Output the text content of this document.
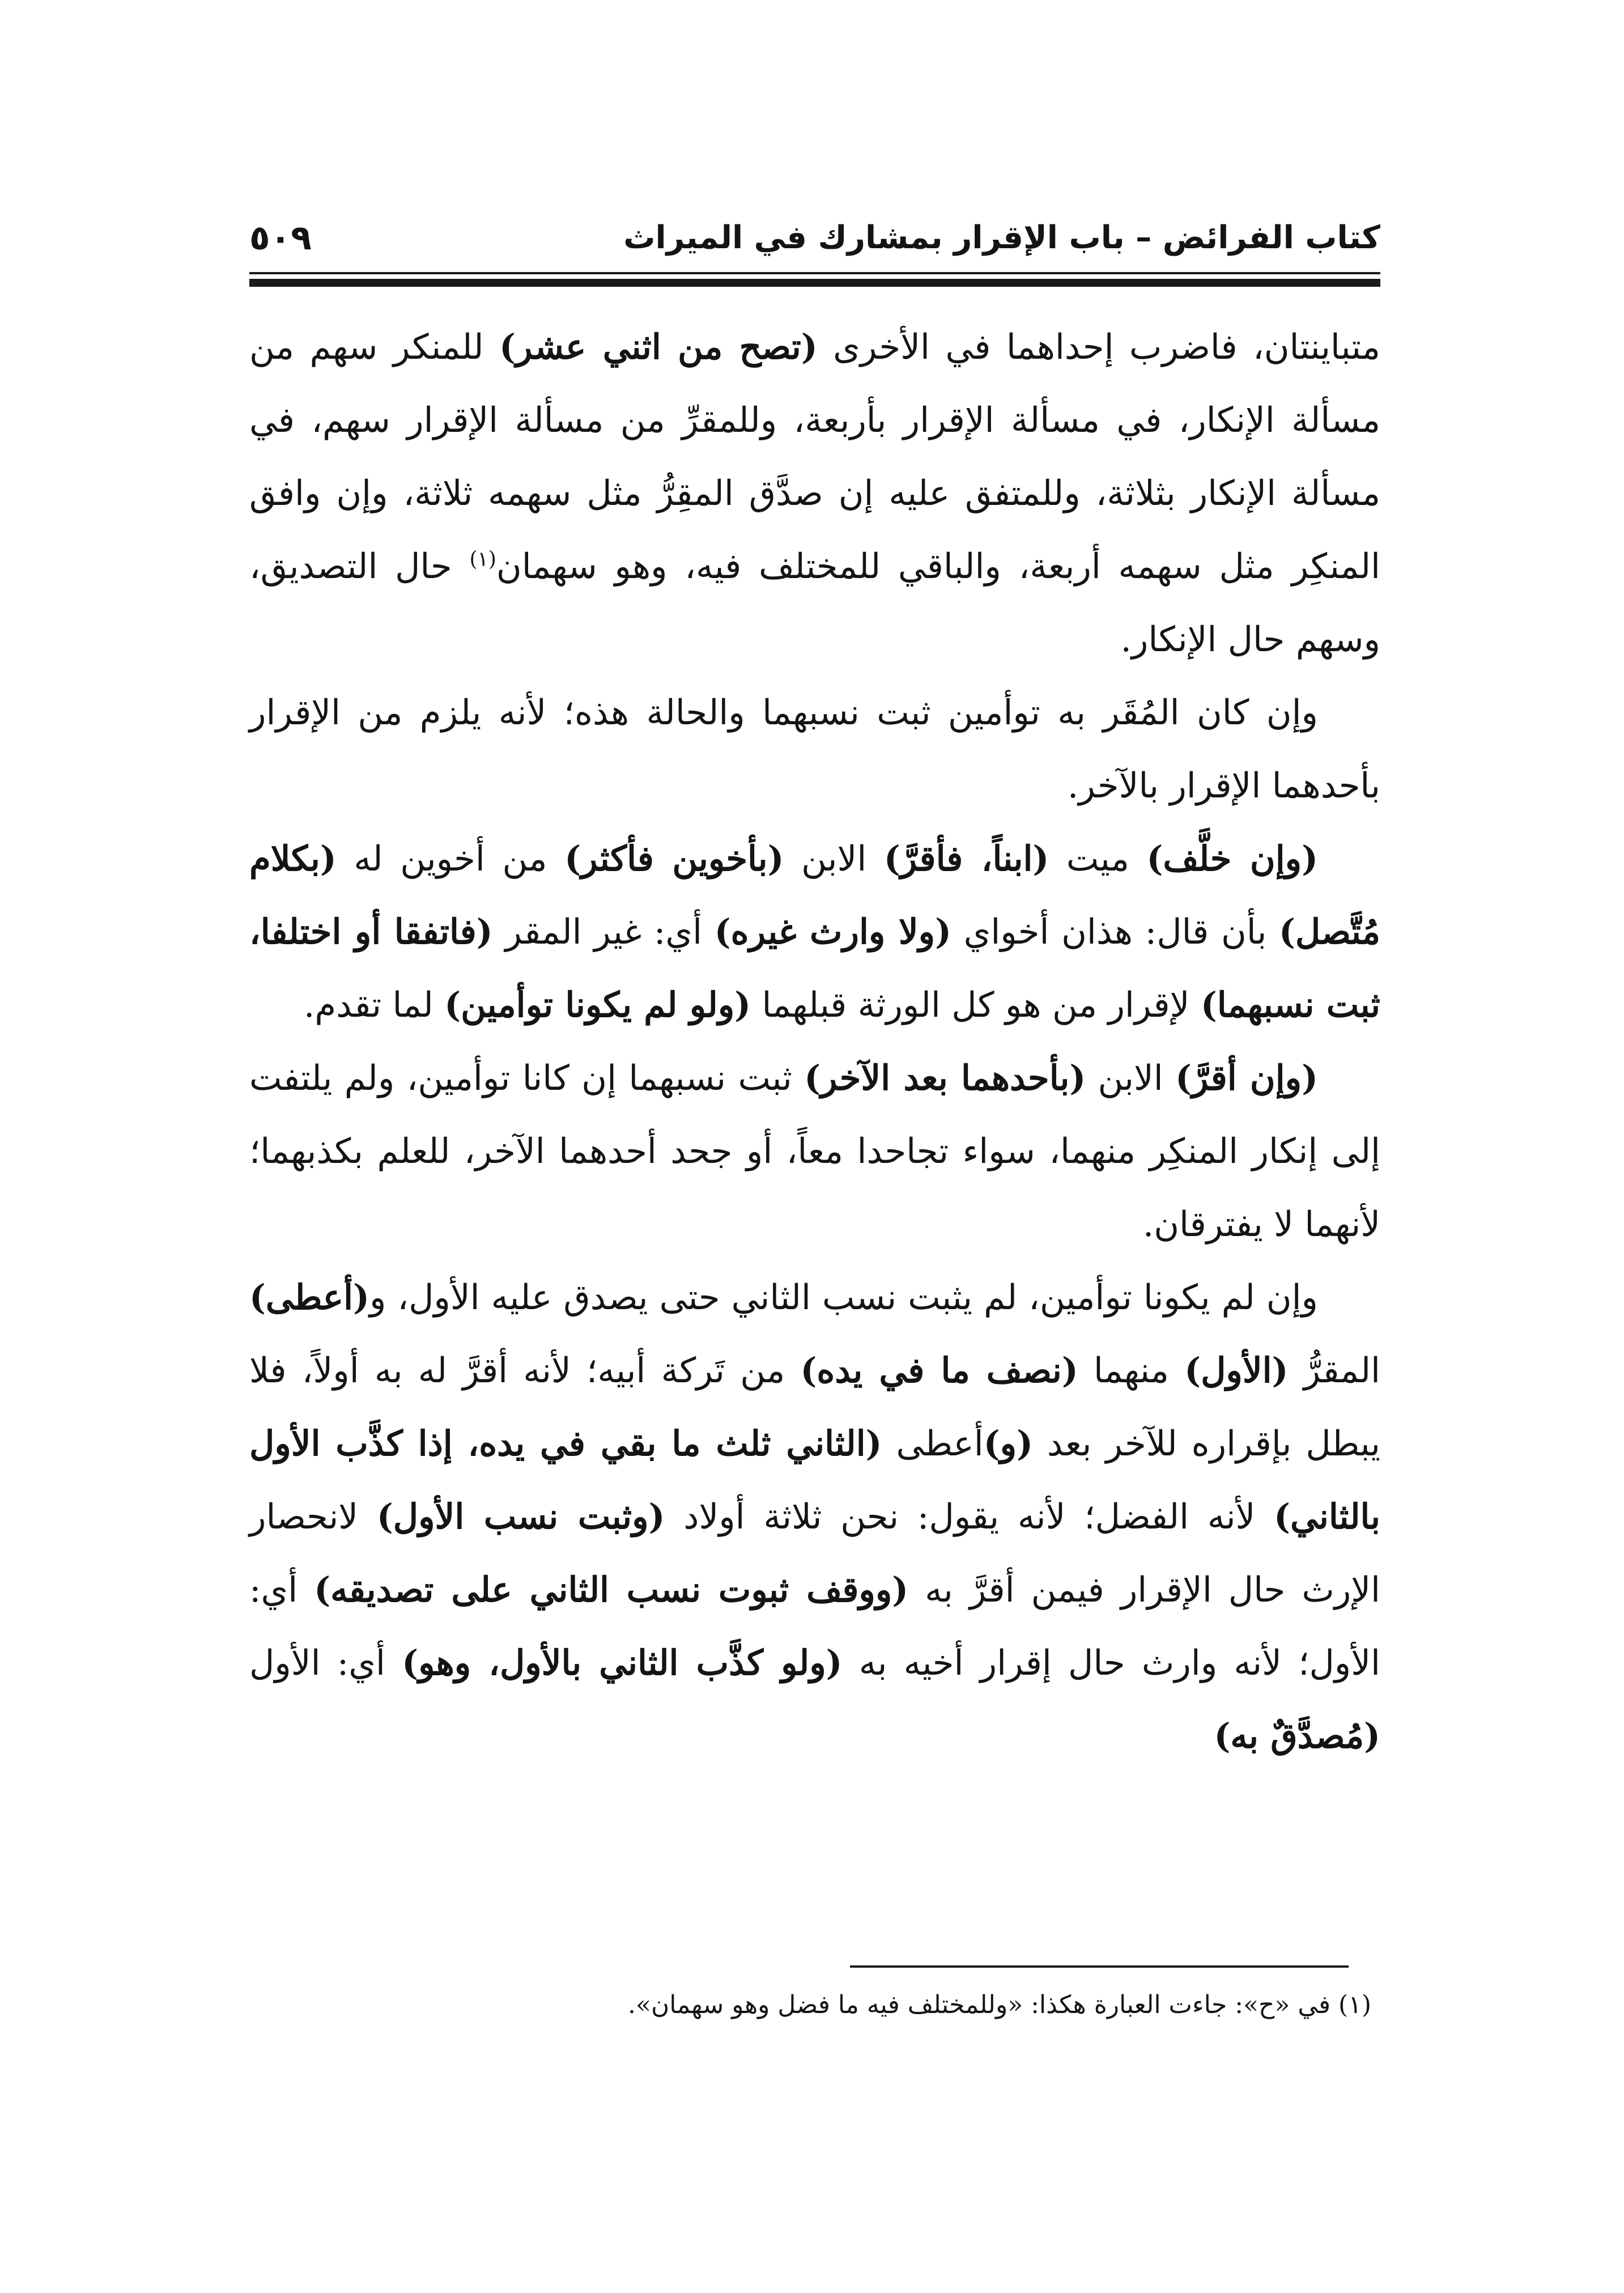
كتاب الفرائض – باب الإقرار بمشارك في الميراث
٥٠٩

متباينتان، فاضرب إحداهما في الأخرى (تصح من اثني عشر) للمنكر سهم من مسألة الإنكار، في مسألة الإقرار بأربعة، وللمقرِّ من مسألة الإقرار سهم، في مسألة الإنكار بثلاثة، وللمتفق عليه إن صدَّق المقِرُّ مثل سهمه ثلاثة، وإن وافق المنكِر مثل سهمه أربعة، والباقي للمختلف فيه، وهو سهمان$^{(١)}$ حال التصديق، وسهم حال الإنكار.

وإن كان المُقَر به توأمين ثبت نسبهما والحالة هذه؛ لأنه يلزم من الإقرار بأحدهما الإقرار بالآخر.

(وإن خلَّف) ميت (ابناً، فأقرَّ) الابن (بأخوين فأكثر) من أخوين له (بكلام مُتَّصل) بأن قال: هذان أخواي (ولا وارث غيره) أي: غير المقر (فاتفقا أو اختلفا، ثبت نسبهما) لإقرار من هو كل الورثة قبلهما (ولو لم يكونا توأمين) لما تقدم.

(وإن أقرَّ) الابن (بأحدهما بعد الآخر) ثبت نسبهما إن كانا توأمين، ولم يلتفت إلى إنكار المنكِر منهما، سواء تجاحدا معاً، أو جحد أحدهما الآخر، للعلم بكذبهما؛ لأنهما لا يفترقان.

وإن لم يكونا توأمين، لم يثبت نسب الثاني حتى يصدق عليه الأول، و(أعطى) المقرُّ (الأول) منهما (نصف ما في يده) من تَركة أبيه؛ لأنه أقرَّ له به أولاً، فلا يبطل بإقراره للآخر بعد (و)أعطى (الثاني ثلث ما بقي في يده، إذا كذَّب الأول بالثاني) لأنه الفضل؛ لأنه يقول: نحن ثلاثة أولاد (وثبت نسب الأول) لانحصار الإرث حال الإقرار فيمن أقرَّ به (ووقف ثبوت نسب الثاني على تصديقه) أي: الأول؛ لأنه وارث حال إقرار أخيه به (ولو كذَّب الثاني بالأول، وهو) أي: الأول (مُصدَّقٌ به)

(١) في «ح»: جاءت العبارة هكذا: «وللمختلف فيه ما فضل وهو سهمان».
